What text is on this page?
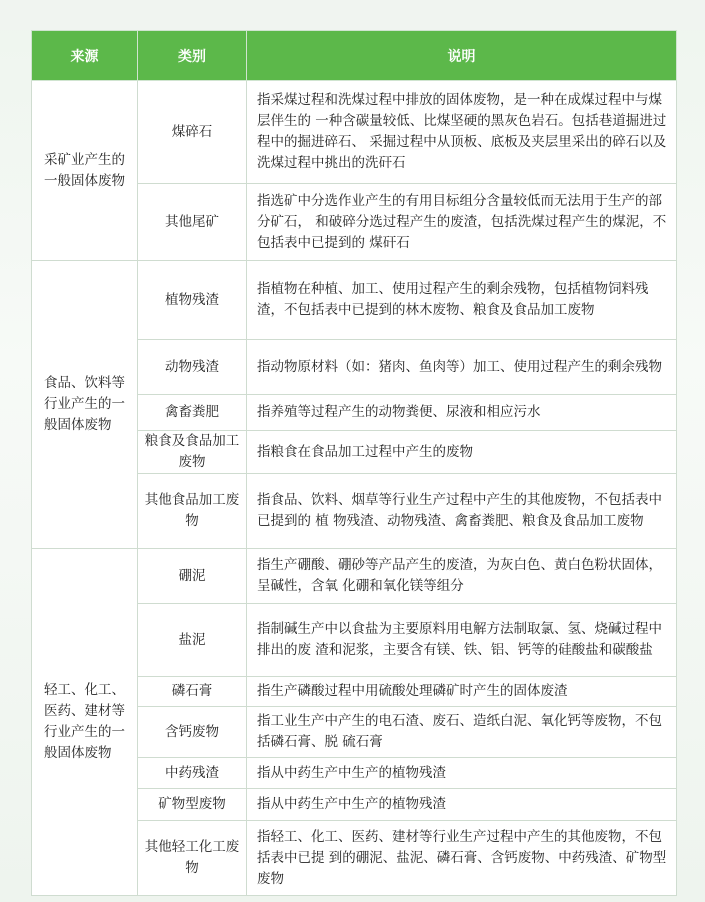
来源	类别	说明
采矿业产生的一般固体废物	煤碎石	指采煤过程和洗煤过程中排放的固体废物，是一种在成煤过程中与煤层伴生的 一种含碳量较低、比煤坚硬的黑灰色岩石。包括巷道掘进过程中的掘进碎石、 采掘过程中从顶板、底板及夹层里采出的碎石以及洗煤过程中挑出的洗矸石
	其他尾矿	指选矿中分选作业产生的有用目标组分含量较低而无法用于生产的部分矿石， 和破碎分选过程产生的废渣，包括洗煤过程产生的煤泥，不包括表中已提到的 煤矸石
食品、饮料等行业产生的一般固体废物	植物残渣	指植物在种植、加工、使用过程产生的剩余残物，包括植物饲料残渣，不包括表中已提到的林木废物、粮食及食品加工废物
	动物残渣	指动物原材料（如：猪肉、鱼肉等）加工、使用过程产生的剩余残物
	禽畜粪肥	指养殖等过程产生的动物粪便、尿液和相应污水
	粮食及食品加工废物	指粮食在食品加工过程中产生的废物
	其他食品加工废物	指食品、饮料、烟草等行业生产过程中产生的其他废物，不包括表中已提到的 植 物残渣、动物残渣、禽畜粪肥、粮食及食品加工废物
轻工、化工、医药、建材等行业产生的一般固体废物	硼泥	指生产硼酸、硼砂等产品产生的废渣，为灰白色、黄白色粉状固体，呈碱性，含氧 化硼和氧化镁等组分
	盐泥	指制碱生产中以食盐为主要原料用电解方法制取氯、氢、烧碱过程中排出的废 渣和泥浆，主要含有镁、铁、铝、钙等的硅酸盐和碳酸盐
	磷石膏	指生产磷酸过程中用硫酸处理磷矿时产生的固体废渣
	含钙废物	指工业生产中产生的电石渣、废石、造纸白泥、氧化钙等废物，不包括磷石膏、脱 硫石膏
	中药残渣	指从中药生产中生产的植物残渣
	矿物型废物	指从中药生产中生产的植物残渣
	其他轻工化工废物	指轻工、化工、医药、建材等行业生产过程中产生的其他废物，不包括表中已提 到的硼泥、盐泥、磷石膏、含钙废物、中药残渣、矿物型废物
